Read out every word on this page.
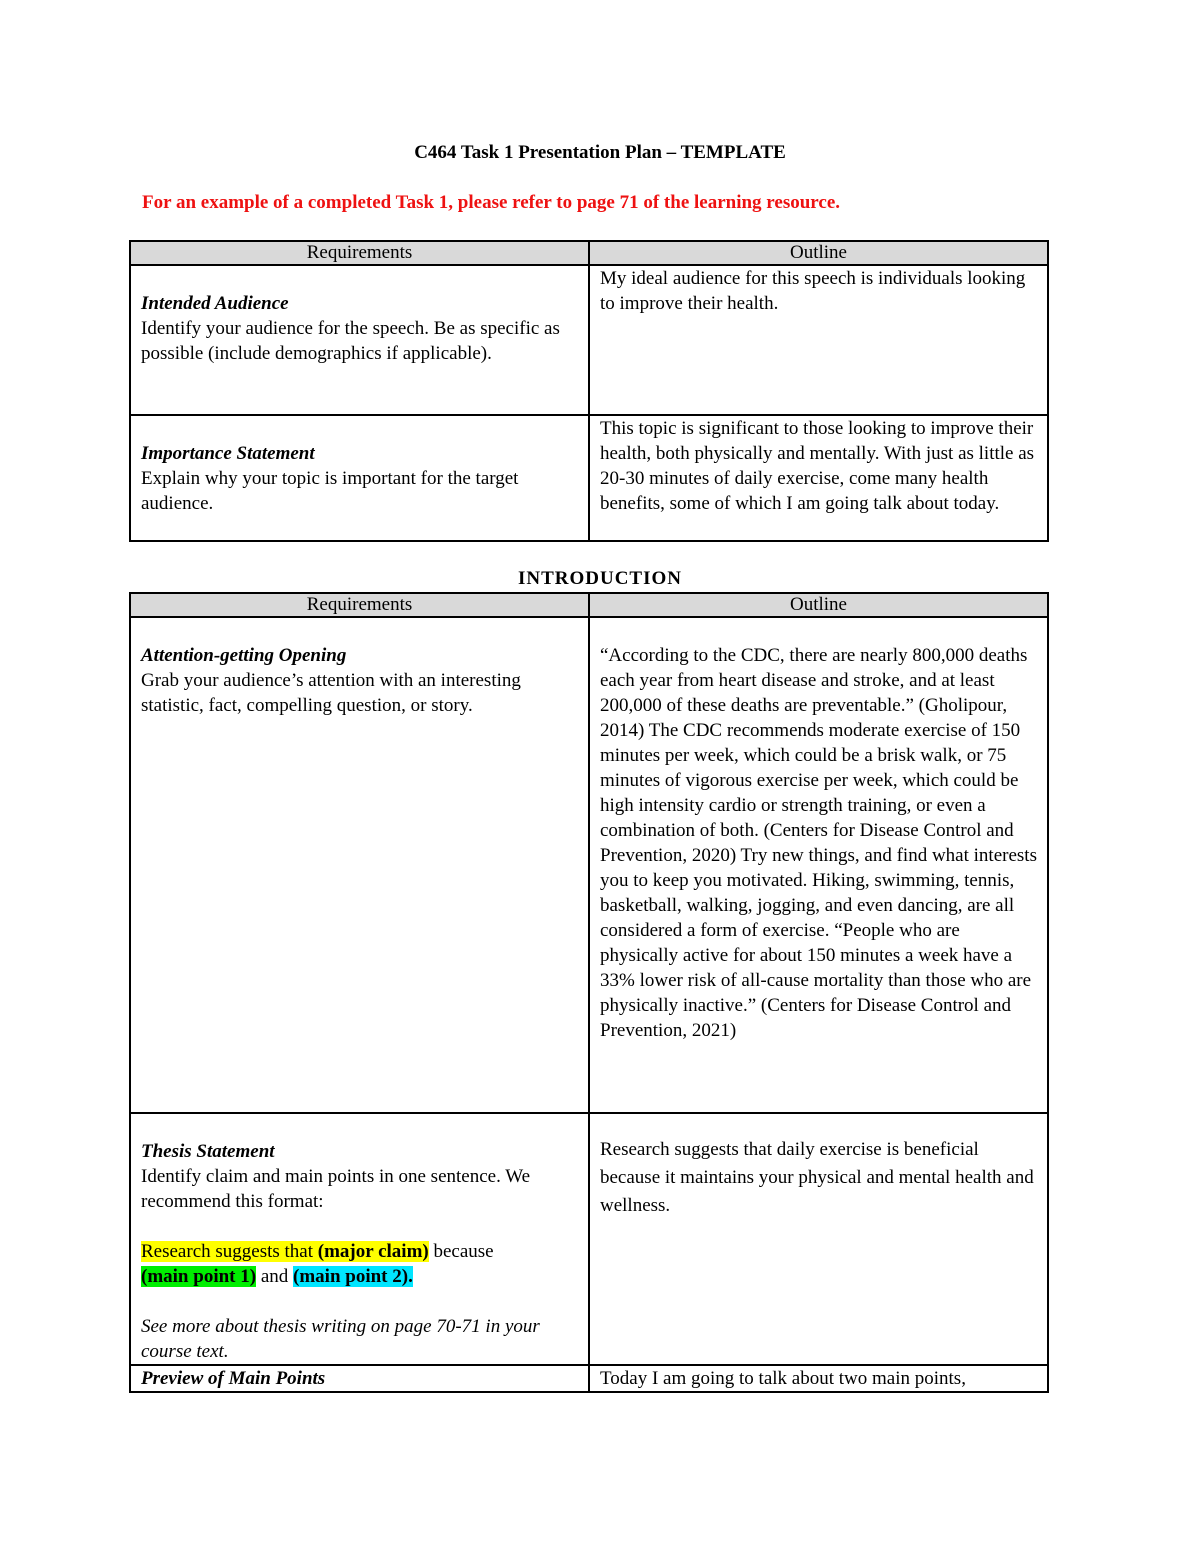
C464 Task 1 Presentation Plan – TEMPLATE
For an example of a completed Task 1, please refer to page 71 of the learning resource.
Requirements	Outline

Intended Audience
Identify your audience for the speech. Be as specific as possible (include demographics if applicable).	My ideal audience for this speech is individuals looking to improve their health.

Importance Statement
Explain why your topic is important for the target audience.	This topic is significant to those looking to improve their health, both physically and mentally. With just as little as 20-30 minutes of daily exercise, come many health benefits, some of which I am going talk about today.
INTRODUCTION
Requirements	Outline

Attention-getting Opening
Grab your audience’s attention with an interesting statistic, fact, compelling question, or story.	“According to the CDC, there are nearly 800,000 deaths each year from heart disease and stroke, and at least 200,000 of these deaths are preventable.” (Gholipour, 2014) The CDC recommends moderate exercise of 150 minutes per week, which could be a brisk walk, or 75 minutes of vigorous exercise per week, which could be high intensity cardio or strength training, or even a combination of both. (Centers for Disease Control and Prevention, 2020) Try new things, and find what interests you to keep you motivated. Hiking, swimming, tennis, basketball, walking, jogging, and even dancing, are all considered a form of exercise. “People who are physically active for about 150 minutes a week have a 33% lower risk of all-cause mortality than those who are physically inactive.” (Centers for Disease Control and Prevention, 2021)

Thesis Statement
Identify claim and main points in one sentence. We recommend this format:
Research suggests that (major claim) because
(main point 1) and (main point 2).
See more about thesis writing on page 70-71 in your course text.	Research suggests that daily exercise is beneficial because it maintains your physical and mental health and wellness.

Preview of Main Points	Today I am going to talk about two main points,
